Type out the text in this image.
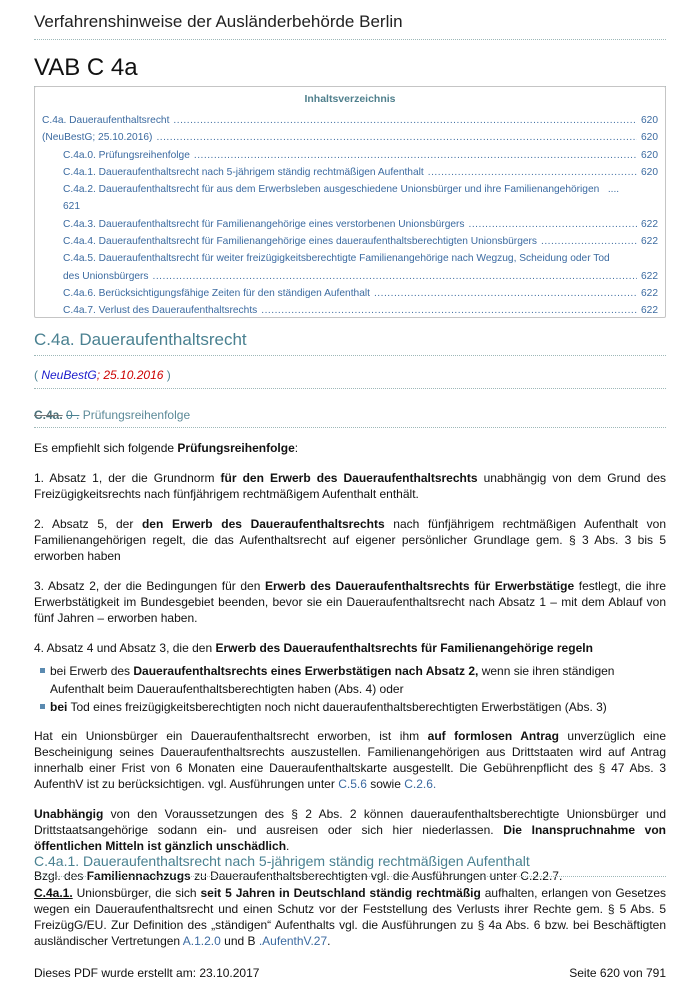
Verfahrenshinweise der Ausländerbehörde Berlin
VAB C 4a
Inhaltsverzeichnis
C.4a. Daueraufenthaltsrecht .....	620
(NeuBestG; 25.10.2016) .....	620
C.4a.0. Prüfungsreihenfolge .....	620
C.4a.1. Daueraufenthaltsrecht nach 5-jährigem ständig rechtmäßigen Aufenthalt .....	620
C.4a.2. Daueraufenthaltsrecht für aus dem Erwerbsleben ausgeschiedene Unionsbürger und ihre Familienangehörigen ....
621
C.4a.3. Daueraufenthaltsrecht für Familienangehörige eines verstorbenen Unionsbürgers .....	622
C.4a.4. Daueraufenthaltsrecht für Familienangehörige eines daueraufenthaltsberechtigten Unionsbürgers .....	622
C.4a.5. Daueraufenthaltsrecht für weiter freizügigkeitsberechtigte Familienangehörige nach Wegzug, Scheidung oder Tod
des Unionsbürgers .....	622
C.4a.6. Berücksichtigungsfähige Zeiten für den ständigen Aufenthalt .....	622
C.4a.7. Verlust des Daueraufenthaltsrechts .....	622
C.4a. Daueraufenthaltsrecht
( NeuBestG; 25.10.2016 )
C.4a. 0 . Prüfungsreihenfolge

Es empfiehlt sich folgende Prüfungsreihenfolge:

1. Absatz 1, der die Grundnorm für den Erwerb des Daueraufenthaltsrechts unabhängig von dem Grund des Freizügigkeitsrechts nach fünfjährigem rechtmäßigem Aufenthalt enthält.

2. Absatz 5, der den Erwerb des Daueraufenthaltsrechts nach fünfjährigem rechtmäßigen Aufenthalt von Familienangehörigen regelt, die das Aufenthaltsrecht auf eigener persönlicher Grundlage gem. § 3 Abs. 3 bis 5 erworben haben

3. Absatz 2, der die Bedingungen für den Erwerb des Daueraufenthaltsrechts für Erwerbstätige festlegt, die ihre Erwerbstätigkeit im Bundesgebiet beenden, bevor sie ein Daueraufenthaltsrecht nach Absatz 1 – mit dem Ablauf von fünf Jahren – erworben haben.

4. Absatz 4 und Absatz 3, die den Erwerb des Daueraufenthaltsrechts für Familienangehörige regeln

bei Erwerb des Daueraufenthaltsrechts eines Erwerbstätigen nach Absatz 2, wenn sie ihren ständigen Aufenthalt beim Daueraufenthaltsberechtigten haben (Abs. 4) oder
bei Tod eines freizügigkeitsberechtigten noch nicht daueraufenthaltsberechtigten Erwerbstätigen (Abs. 3)

Hat ein Unionsbürger ein Daueraufenthaltsrecht erworben, ist ihm auf formlosen Antrag unverzüglich eine Bescheinigung seines Daueraufenthaltsrechts auszustellen. Familienangehörigen aus Drittstaaten wird auf Antrag innerhalb einer Frist von 6 Monaten eine Daueraufenthaltskarte ausgestellt. Die Gebührenpflicht des § 47 Abs. 3 AufenthV ist zu berücksichtigen. vgl. Ausführungen unter C.5.6 sowie C.2.6.

Unabhängig von den Voraussetzungen des § 2 Abs. 2 können daueraufenthaltsberechtigte Unionsbürger und Drittstaatsangehörige sodann ein- und ausreisen oder sich hier niederlassen. Die Inanspruchnahme von öffentlichen Mitteln ist gänzlich unschädlich.

Bzgl. des Familiennachzugs zu Daueraufenthaltsberechtigten vgl. die Ausführungen unter C.2.2.7.

C.4a.1. Daueraufenthaltsrecht nach 5-jährigem ständig rechtmäßigen Aufenthalt
C.4a.1. Unionsbürger, die sich seit 5 Jahren in Deutschland ständig rechtmäßig aufhalten, erlangen von Gesetzes wegen ein Daueraufenthaltsrecht und einen Schutz vor der Feststellung des Verlusts ihrer Rechte gem. § 5 Abs. 5 FreizügG/EU. Zur Definition des „ständigen“ Aufenthalts vgl. die Ausführungen zu § 4a Abs. 6 bzw. bei Beschäftigten ausländischer Vertretungen A.1.2.0 und B .AufenthV.27.
Dieses PDF wurde erstellt am: 23.10.2017	Seite 620 von 791
